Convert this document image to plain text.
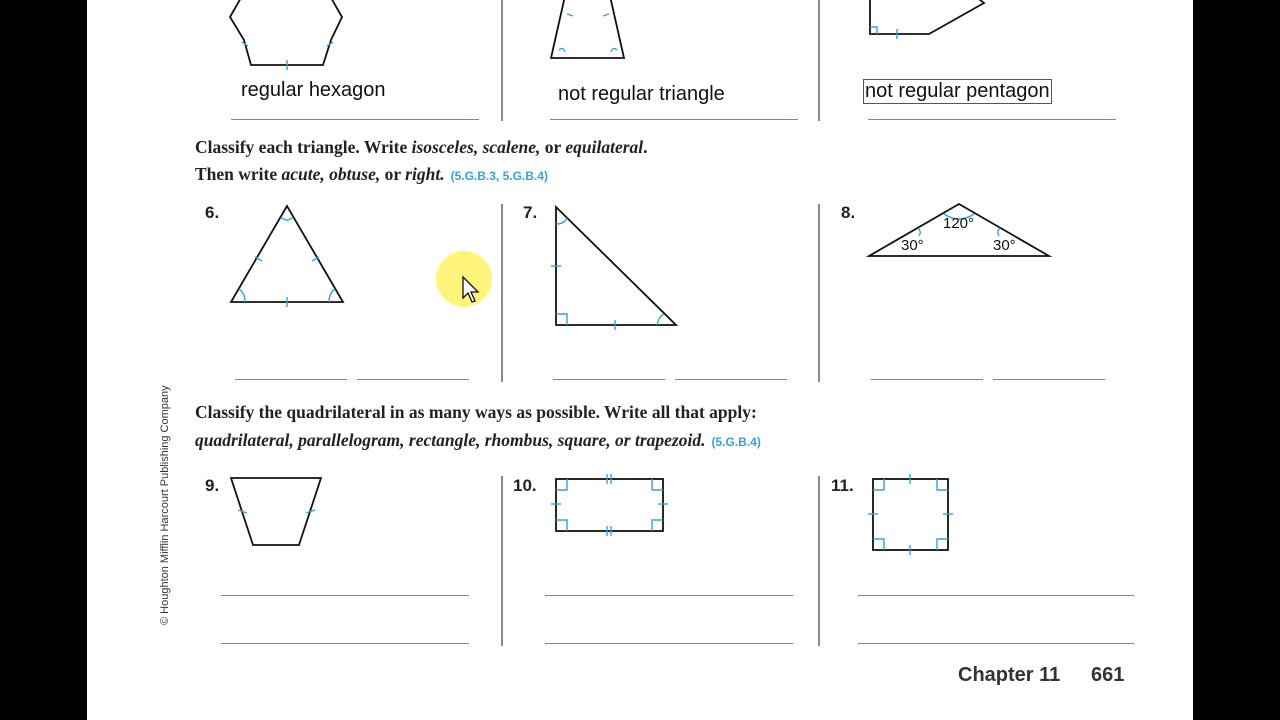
regular hexagon	not regular triangle	not regular pentagon
Classify each triangle. Write isosceles, scalene, or equilateral.
Then write acute, obtuse, or right. (5.G.B.3, 5.G.B.4)
6.	7.	8.
120°
30°	30°
Classify the quadrilateral in as many ways as possible. Write all that apply:
quadrilateral, parallelogram, rectangle, rhombus, square, or trapezoid. (5.G.B.4)
9.	10.	11.
© Houghton Mifflin Harcourt Publishing Company
Chapter 11 661
